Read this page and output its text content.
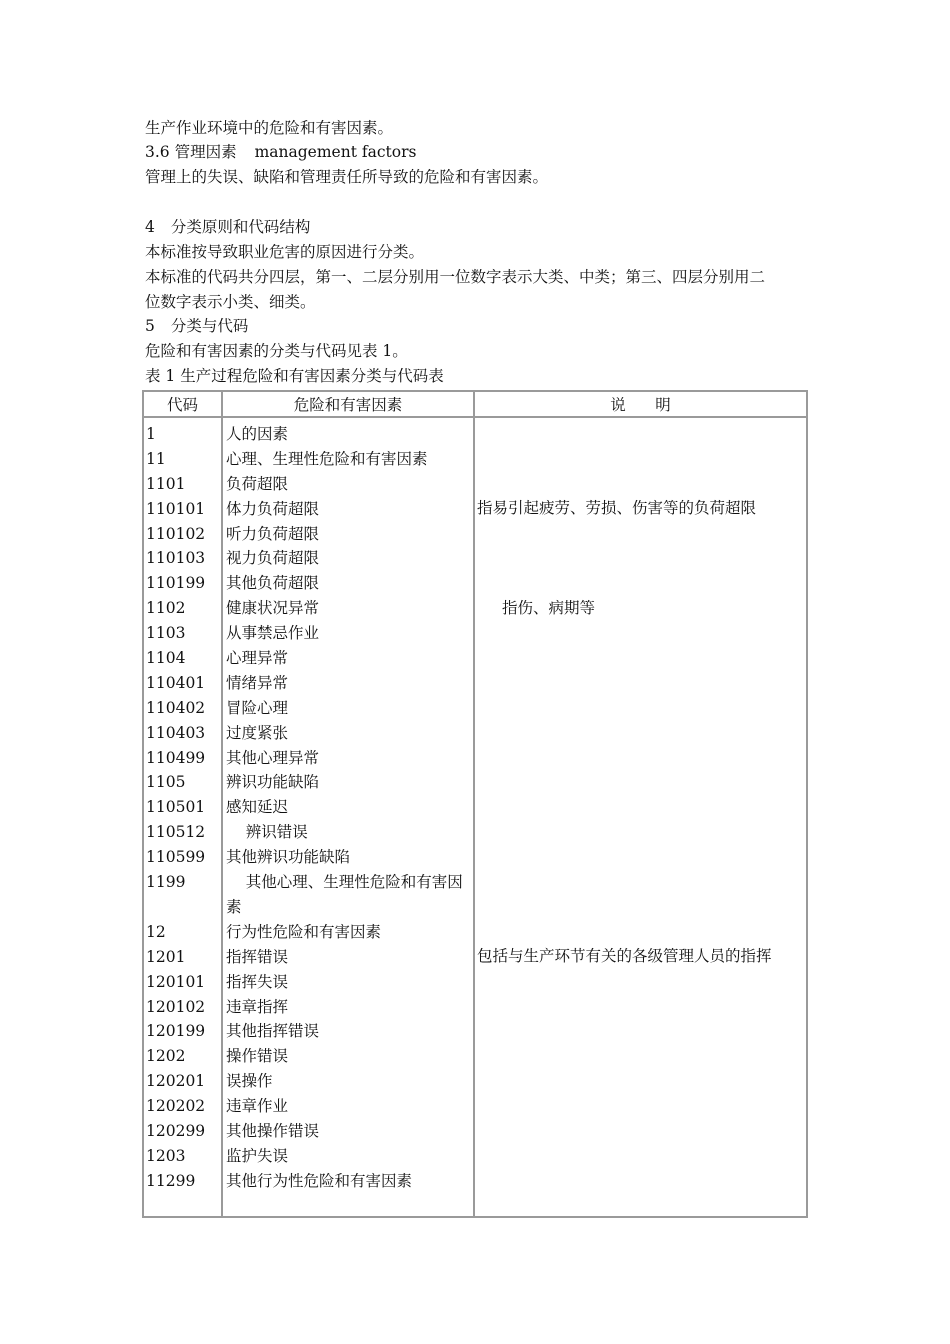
生产作业环境中的危险和有害因素。
3.6 管理因素 management factors
管理上的失误、缺陷和管理责任所导致的危险和有害因素。
4 分类原则和代码结构
本标准按导致职业危害的原因进行分类。
本标准的代码共分四层，第一、二层分别用一位数字表示大类、中类；第三、四层分别用二
位数字表示小类、细类。
5 分类与代码
危险和有害因素的分类与代码见表 1。
表 1 生产过程危险和有害因素分类与代码表
代码	危险和有害因素	说      明
1
11
1101
110101
110102
110103
110199
1102
1103
1104
110401
110402
110403
110499
1105
110501
110512
110599
1199
12
1201
120101
120102
120199
1202
120201
120202
120299
1203
11299
人的因素
心理、生理性危险和有害因素
负荷超限
体力负荷超限
听力负荷超限
视力负荷超限
其他负荷超限
健康状况异常
从事禁忌作业
心理异常
情绪异常
冒险心理
过度紧张
其他心理异常
辨识功能缺陷
感知延迟
辨识错误
其他辨识功能缺陷
其他心理、生理性危险和有害因素
行为性危险和有害因素
指挥错误
指挥失误
违章指挥
其他指挥错误
操作错误
误操作
违章作业
其他操作错误
监护失误
其他行为性危险和有害因素
指易引起疲劳、劳损、伤害等的负荷超限
指伤、病期等
包括与生产环节有关的各级管理人员的指挥
